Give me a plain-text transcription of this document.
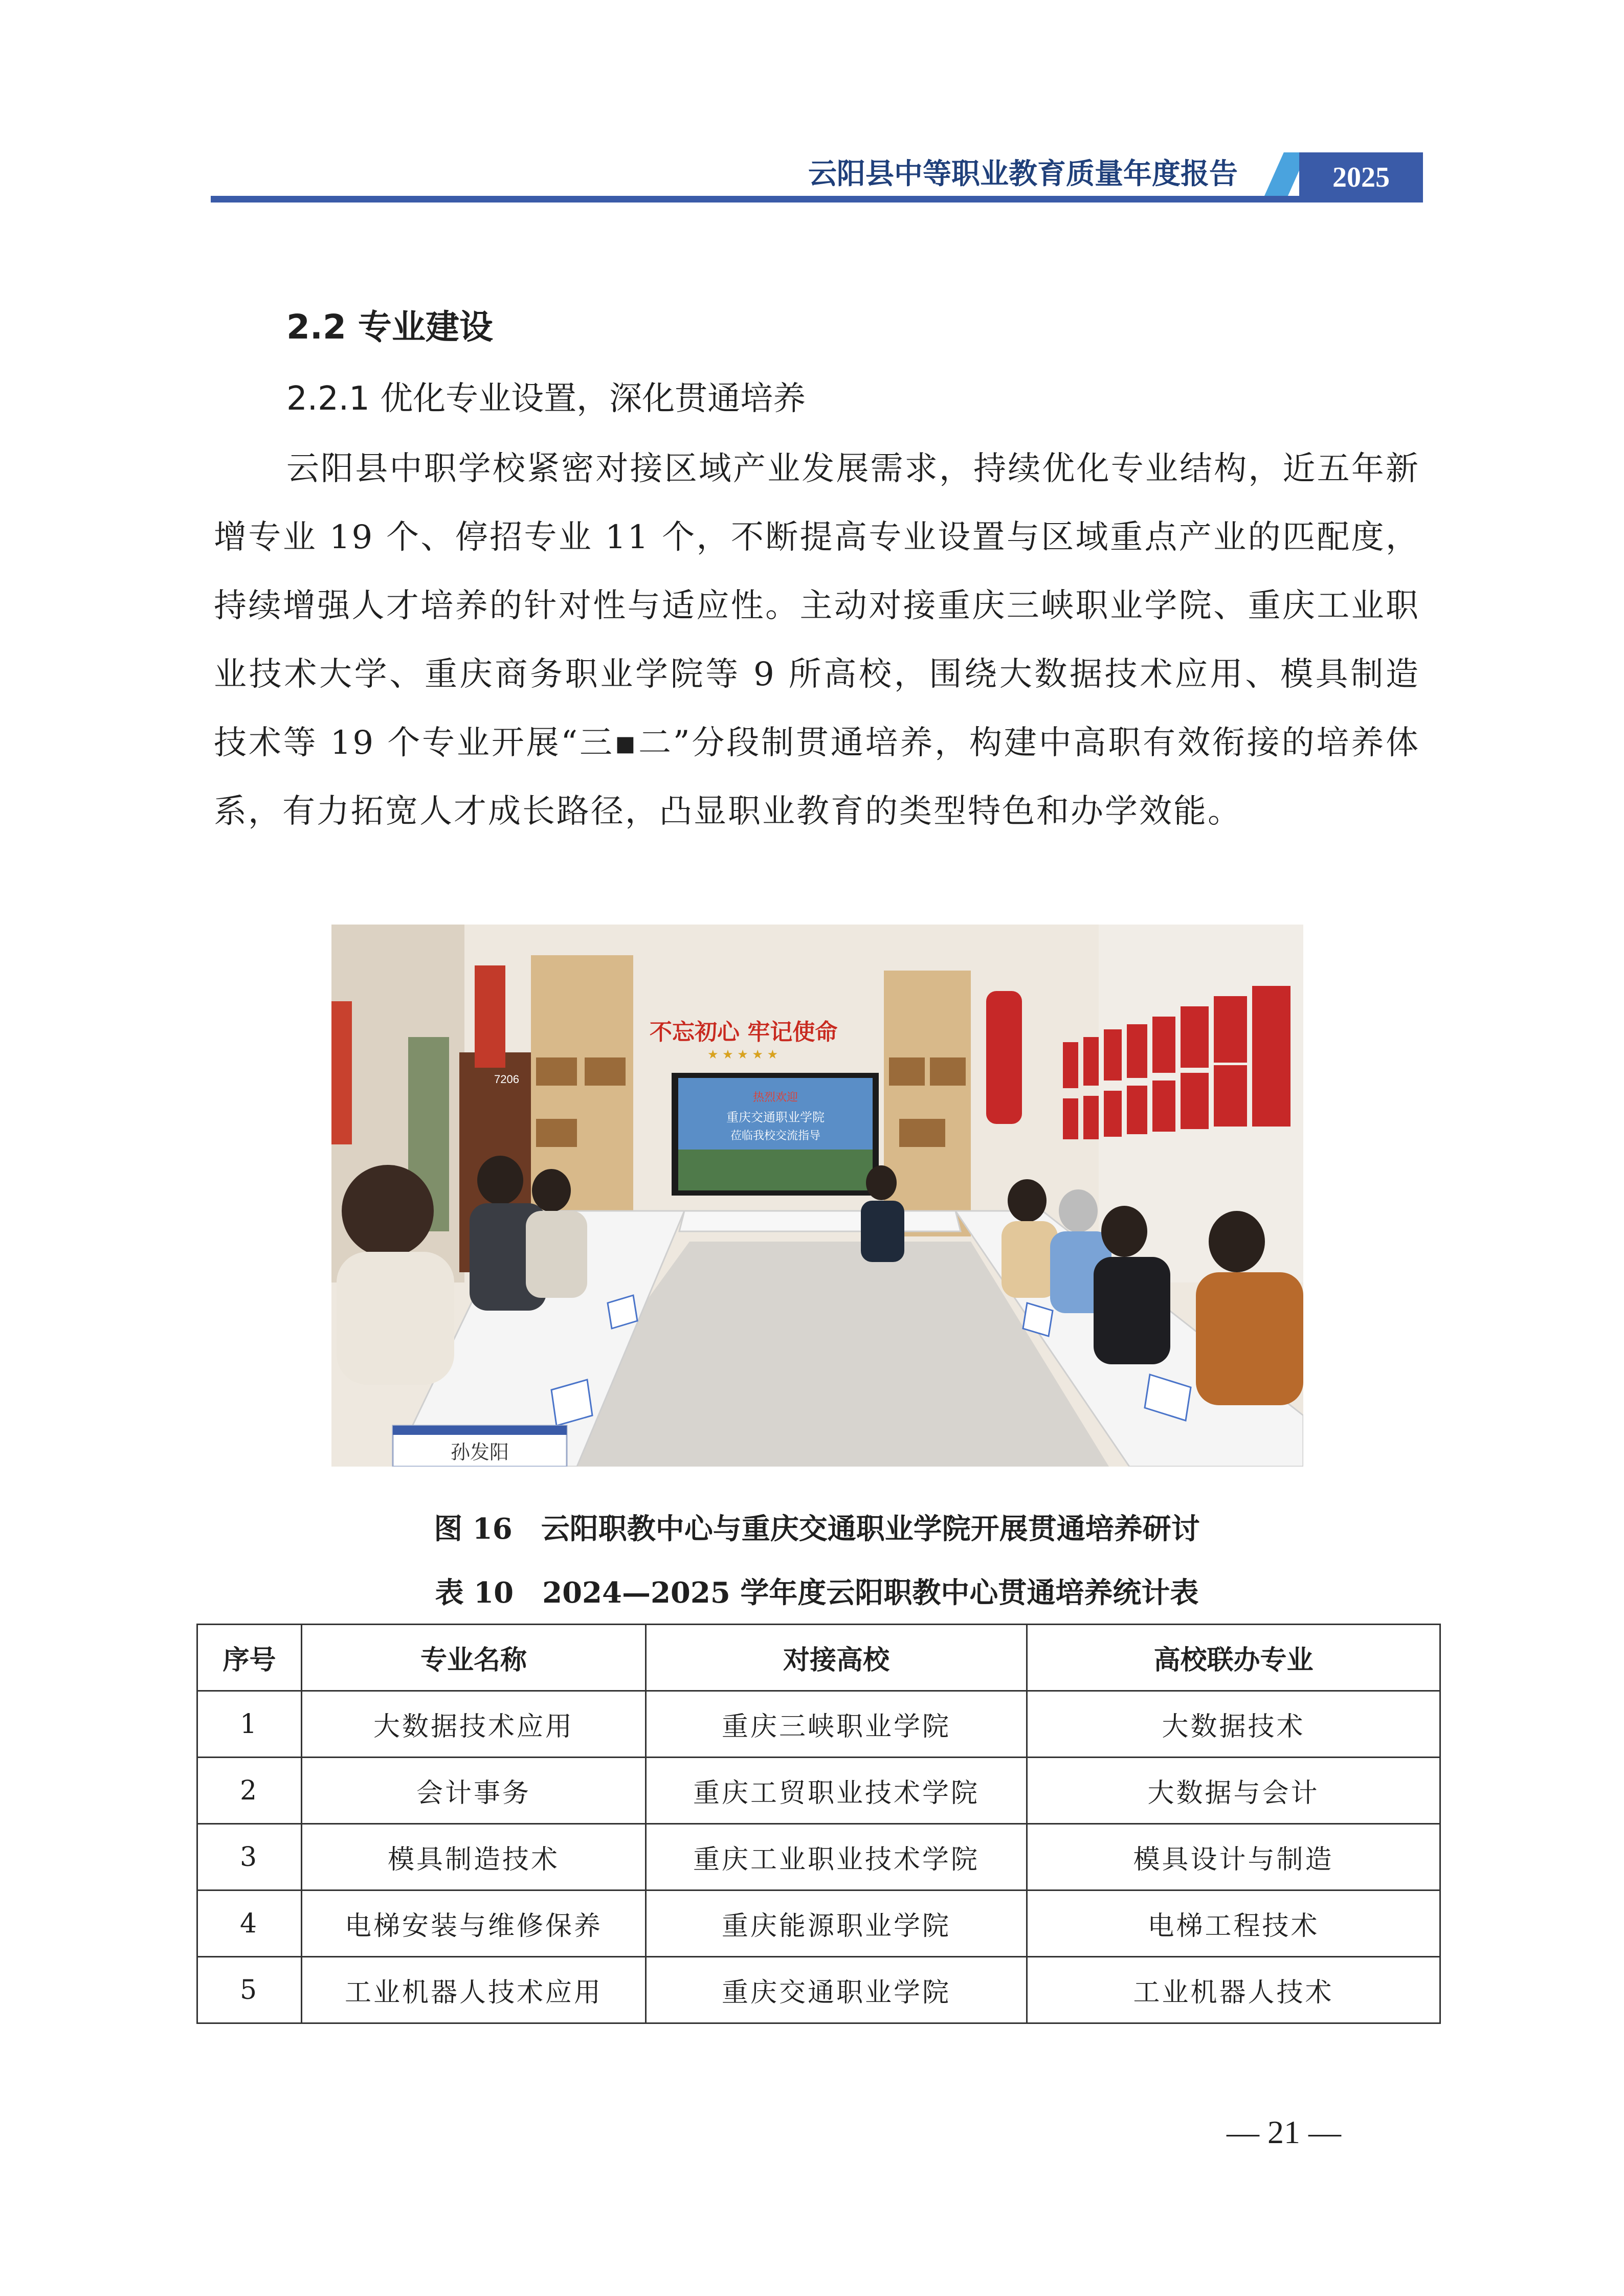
云阳县中等职业教育质量年度报告	2025
2.2 专业建设
2.2.1 优化专业设置，深化贯通培养

云阳县中职学校紧密对接区域产业发展需求，持续优化专业结构，近五年新增专业 19 个、停招专业 11 个，不断提高专业设置与区域重点产业的匹配度，持续增强人才培养的针对性与适应性。主动对接重庆三峡职业学院、重庆工业职业技术大学、重庆商务职业学院等 9 所高校，围绕大数据技术应用、模具制造技术等 19 个专业开展“三▪二”分段制贯通培养，构建中高职有效衔接的培养体系，有力拓宽人才成长路径，凸显职业教育的类型特色和办学效能。

7206
不忘初心 牢记使命
★ ★ ★ ★ ★
热烈欢迎
重庆交通职业学院
莅临我校交流指导
孙发阳
图 16　云阳职教中心与重庆交通职业学院开展贯通培养研讨
表 10　2024—2025 学年度云阳职教中心贯通培养统计表
序号	专业名称	对接高校	高校联办专业
1	大数据技术应用	重庆三峡职业学院	大数据技术
2	会计事务	重庆工贸职业技术学院	大数据与会计
3	模具制造技术	重庆工业职业技术学院	模具设计与制造
4	电梯安装与维修保养	重庆能源职业学院	电梯工程技术
5	工业机器人技术应用	重庆交通职业学院	工业机器人技术
— 21 —
